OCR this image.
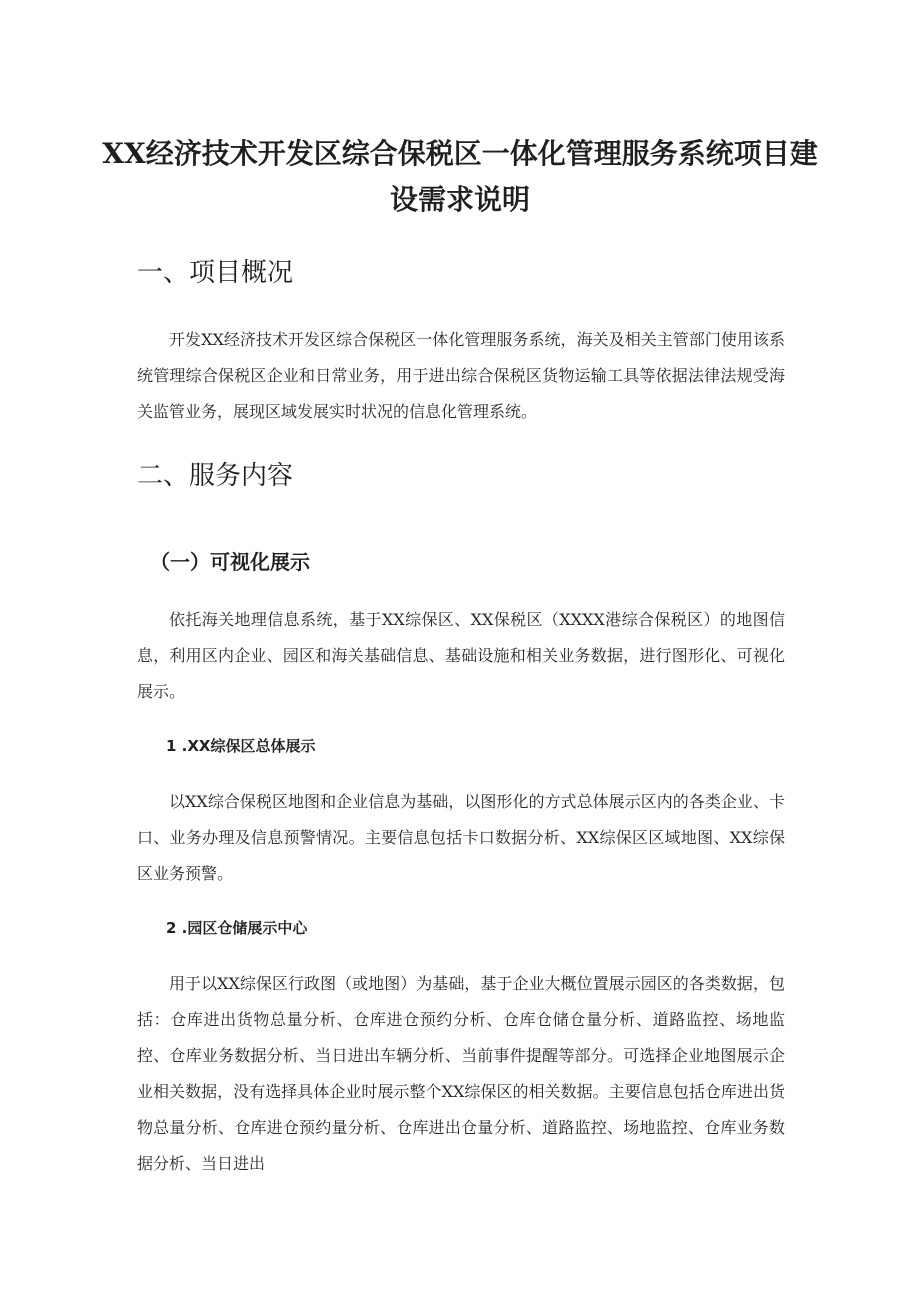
XX经济技术开发区综合保税区一体化管理服务系统项目建
设需求说明
一、项目概况
开发XX经济技术开发区综合保税区一体化管理服务系统，海关及相关主管部门使用该系统管理综合保税区企业和日常业务，用于进出综合保税区货物运输工具等依据法律法规受海关监管业务，展现区域发展实时状况的信息化管理系统。
二、服务内容
（一）可视化展示
依托海关地理信息系统，基于XX综保区、XX保税区（XXXX港综合保税区）的地图信息，利用区内企业、园区和海关基础信息、基础设施和相关业务数据，进行图形化、可视化展示。
1 .XX综保区总体展示
以XX综合保税区地图和企业信息为基础，以图形化的方式总体展示区内的各类企业、卡口、业务办理及信息预警情况。主要信息包括卡口数据分析、XX综保区区域地图、XX综保区业务预警。
2 .园区仓储展示中心
用于以XX综保区行政图（或地图）为基础，基于企业大概位置展示园区的各类数据，包括：仓库进出货物总量分析、仓库进仓预约分析、仓库仓储仓量分析、道路监控、场地监控、仓库业务数据分析、当日进出车辆分析、当前事件提醒等部分。可选择企业地图展示企业相关数据，没有选择具体企业时展示整个XX综保区的相关数据。主要信息包括仓库进出货物总量分析、仓库进仓预约量分析、仓库进出仓量分析、道路监控、场地监控、仓库业务数据分析、当日进出
